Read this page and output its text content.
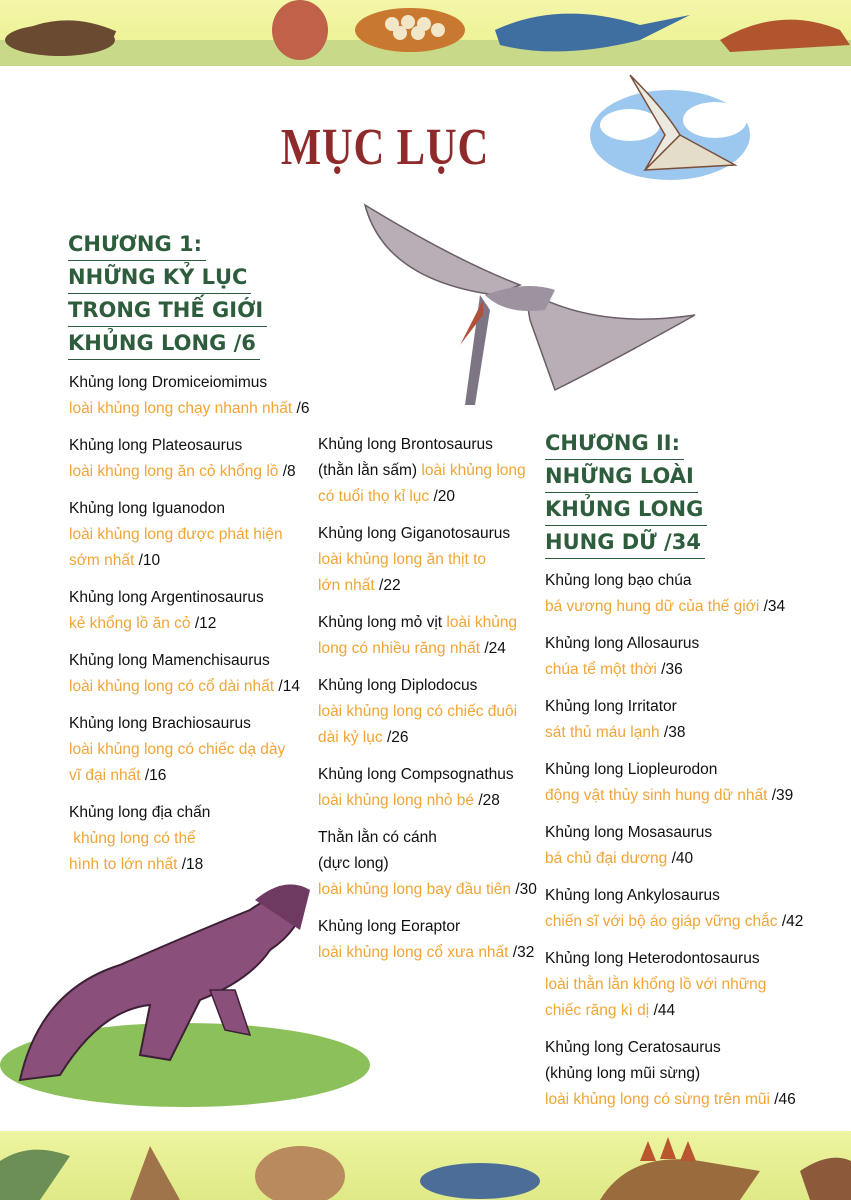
MỤC LỤC
CHƯƠNG 1:
NHỮNG KỶ LỤC
TRONG THẾ GIỚI
KHỦNG LONG /6
Khủng long Dromiceiomimus
loài khủng long chạy nhanh nhất /6
Khủng long Plateosaurus
loài khủng long ăn cỏ khổng lồ /8
Khủng long Iguanodon
loài khủng long được phát hiện
sớm nhất /10
Khủng long Argentinosaurus
kẻ khổng lồ ăn cỏ /12
Khủng long Mamenchisaurus
loài khủng long có cổ dài nhất /14
Khủng long Brachiosaurus
loài khủng long có chiếc dạ dày
vĩ đại nhất /16
Khủng long địa chấn
khủng long có thể
hình to lớn nhất /18
Khủng long Brontosaurus
(thằn lằn sấm) loài khủng long
có tuổi thọ kỉ lục /20
Khủng long Giganotosaurus
loài khủng long ăn thịt to
lớn nhất /22
Khủng long mỏ vịt loài khủng
long có nhiều răng nhất /24
Khủng long Diplodocus
loài khủng long có chiếc đuôi
dài kỷ lục /26
Khủng long Compsognathus
loài khủng long nhỏ bé /28
Thằn lằn có cánh
(dực long)
loài khủng long bay đầu tiên /30
Khủng long Eoraptor
loài khủng long cổ xưa nhất /32
CHƯƠNG II:
NHỮNG LOÀI
KHỦNG LONG
HUNG DỮ /34
Khủng long bạo chúa
bá vương hung dữ của thế giới /34
Khủng long Allosaurus
chúa tể một thời /36
Khủng long Irritator
sát thủ máu lạnh /38
Khủng long Liopleurodon
động vật thủy sinh hung dữ nhất /39
Khủng long Mosasaurus
bá chủ đại dương /40
Khủng long Ankylosaurus
chiến sĩ với bộ áo giáp vững chắc /42
Khủng long Heterodontosaurus
loài thằn lằn khổng lồ với những
chiếc răng kì dị /44
Khủng long Ceratosaurus
(khủng long mũi sừng)
loài khủng long có sừng trên mũi /46
